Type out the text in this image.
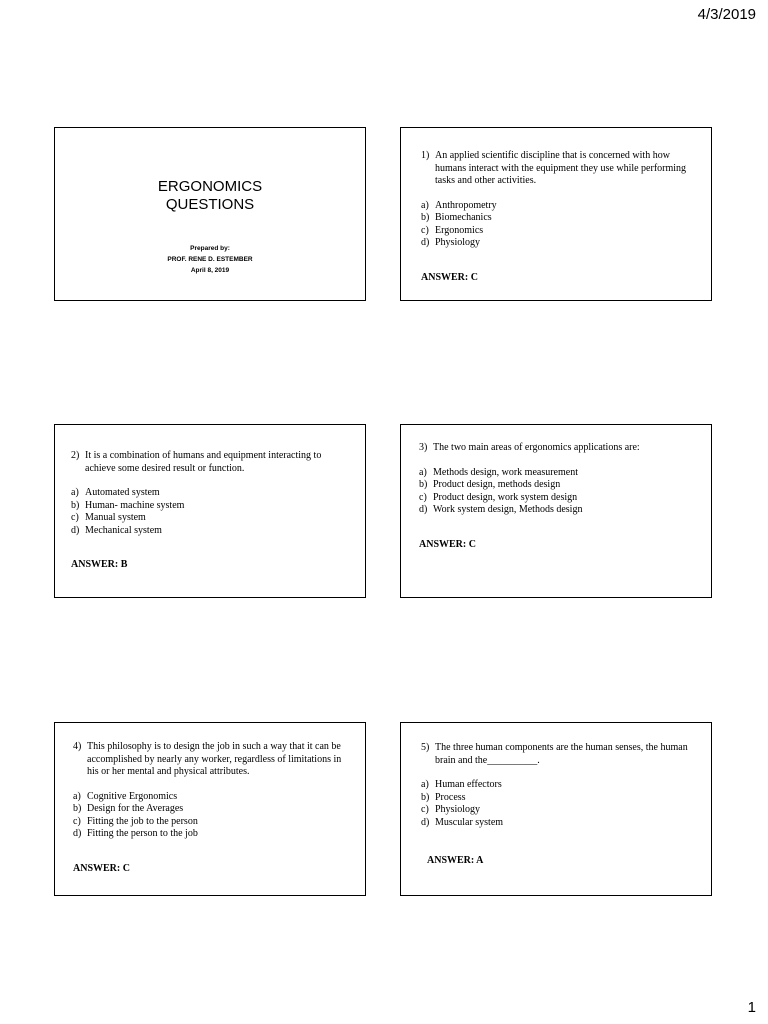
4/3/2019
ERGONOMICS
QUESTIONS
Prepared by:
PROF. RENE D. ESTEMBER
April 8, 2019
1) An applied scientific discipline that is concerned with how humans interact with the equipment they use while performing tasks and other activities.
a) Anthropometry
b) Biomechanics
c) Ergonomics
d) Physiology
ANSWER: C
2) It is a combination of humans and equipment interacting to achieve some desired result or function.
a) Automated system
b) Human- machine system
c) Manual system
d) Mechanical system
ANSWER: B
3) The two main areas of ergonomics applications are:
a) Methods design, work measurement
b) Product design, methods design
c) Product design, work system design
d) Work system design, Methods design
ANSWER: C
4) This philosophy is to design the job in such a way that it can be accomplished by nearly any worker, regardless of limitations in his or her mental and physical attributes.
a) Cognitive Ergonomics
b) Design for the Averages
c) Fitting the job to the person
d) Fitting the person to the job
ANSWER: C
5) The three human components are the human senses, the human brain and the__________.
a) Human effectors
b) Process
c) Physiology
d) Muscular system
ANSWER: A
1
